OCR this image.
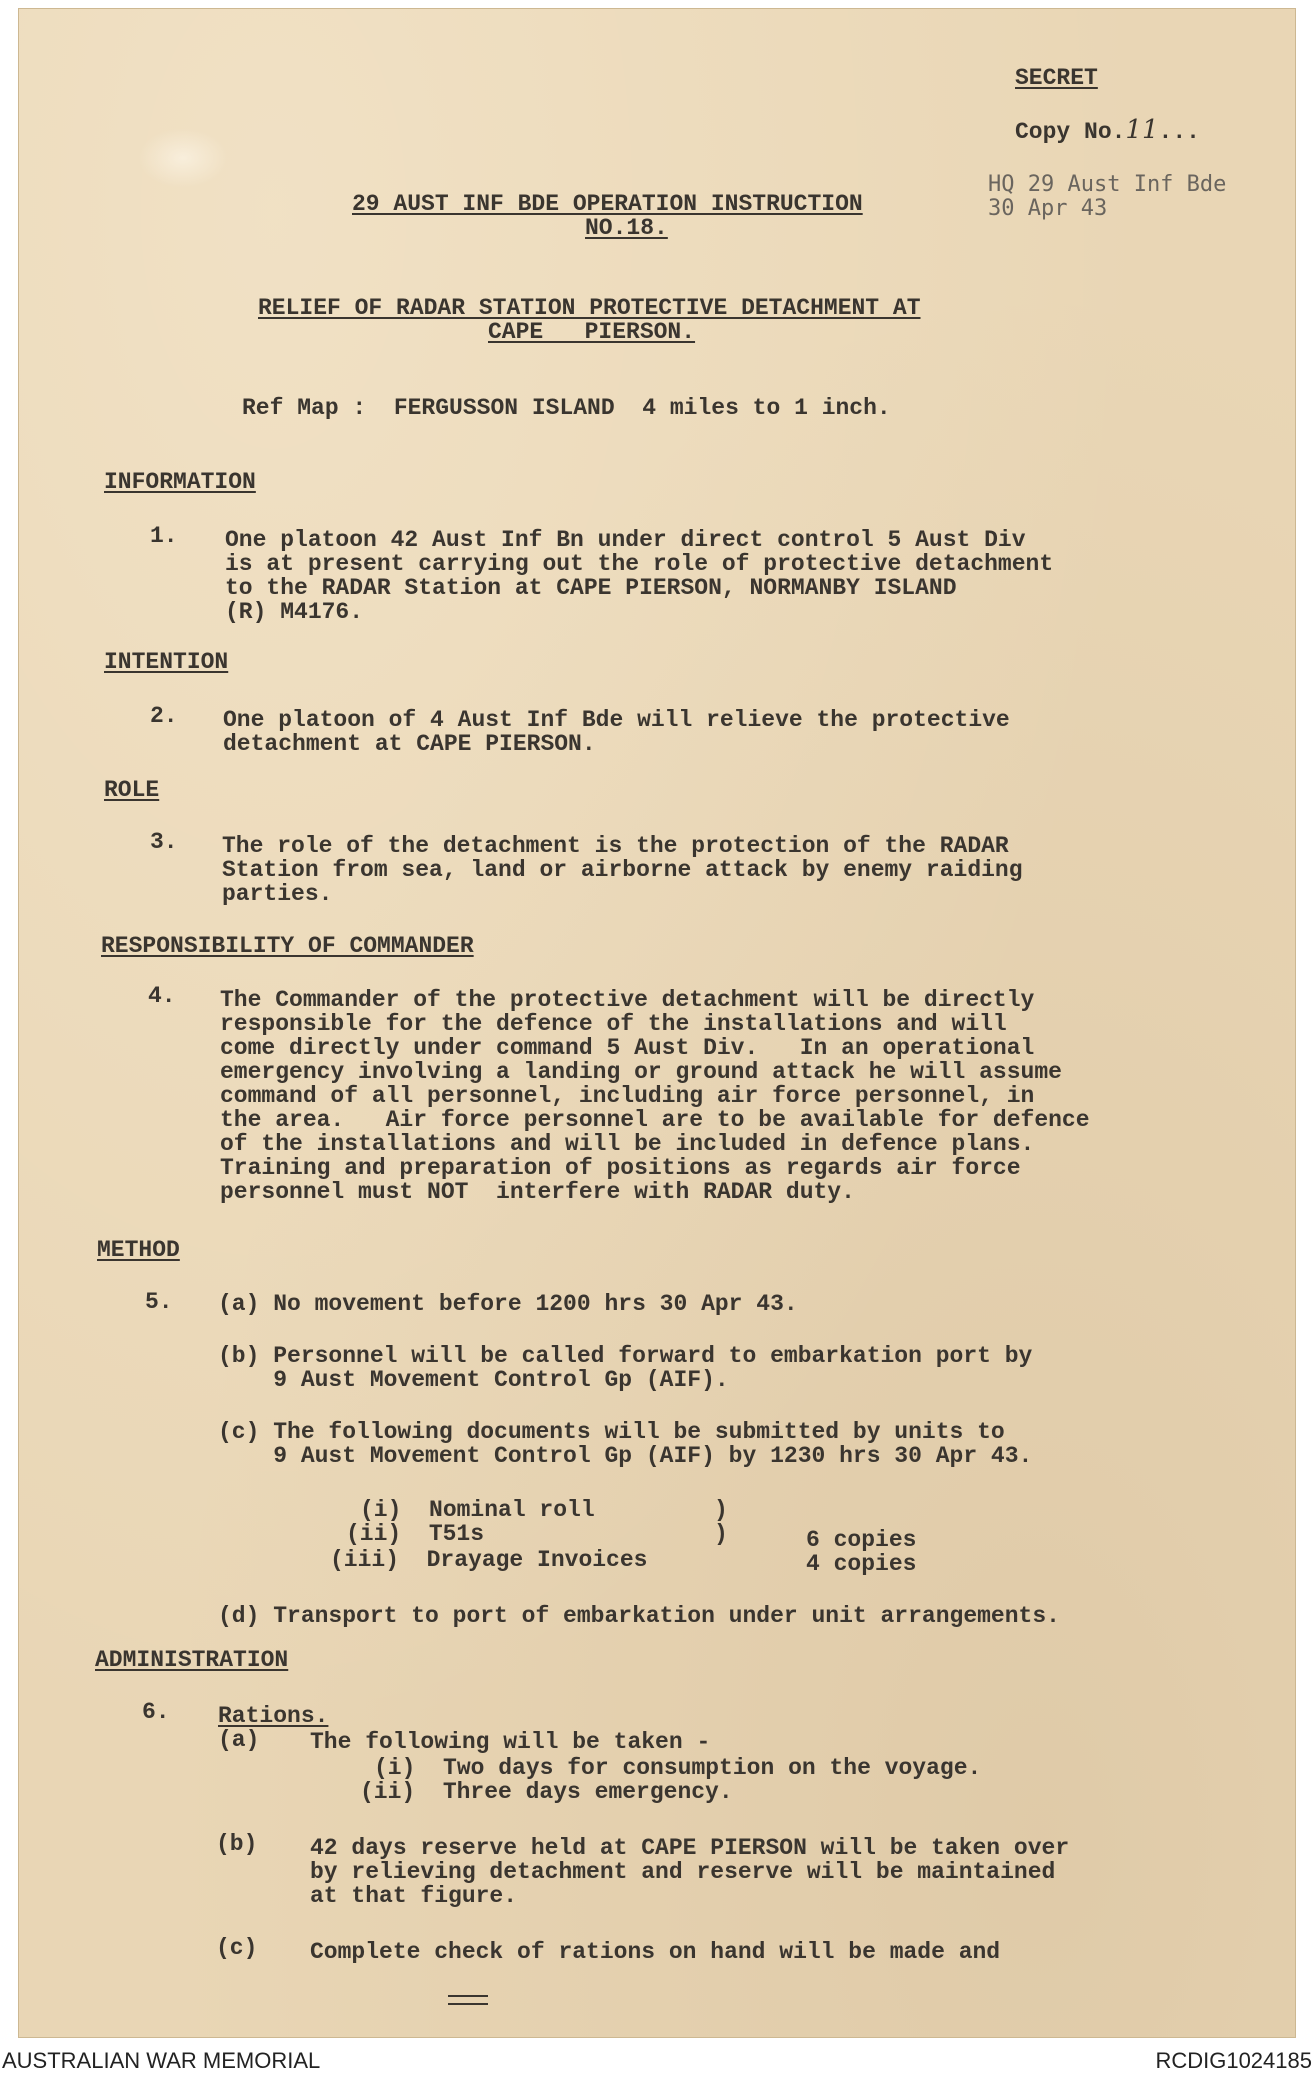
SECRET
Copy No.11...
HQ 29 Aust Inf Bde
30 Apr 43
29 AUST INF BDE OPERATION INSTRUCTION
NO.18.
RELIEF OF RADAR STATION PROTECTIVE DETACHMENT AT
CAPE   PIERSON.
Ref Map :  FERGUSSON ISLAND  4 miles to 1 inch.
INFORMATION
1. One platoon 42 Aust Inf Bn under direct control 5 Aust Div
is at present carrying out the role of protective detachment
to the RADAR Station at CAPE PIERSON, NORMANBY ISLAND
(R) M4176.
INTENTION
2. One platoon of 4 Aust Inf Bde will relieve the protective
detachment at CAPE PIERSON.
ROLE
3. The role of the detachment is the protection of the RADAR
Station from sea, land or airborne attack by enemy raiding
parties.
RESPONSIBILITY OF COMMANDER
4. The Commander of the protective detachment will be directly
responsible for the defence of the installations and will
come directly under command 5 Aust Div.   In an operational
emergency involving a landing or ground attack he will assume
command of all personnel, including air force personnel, in
the area.   Air force personnel are to be available for defence
of the installations and will be included in defence plans.
Training and preparation of positions as regards air force
personnel must NOT  interfere with RADAR duty.
METHOD
5. (a) No movement before 1200 hrs 30 Apr 43.
(b) Personnel will be called forward to embarkation port by
9 Aust Movement Control Gp (AIF).
(c) The following documents will be submitted by units to
9 Aust Movement Control Gp (AIF) by 1230 hrs 30 Apr 43.
(i)  Nominal roll
(ii)  T51s
(iii)  Drayage Invoices
)
)	6 copies
4 copies
(d) Transport to port of embarkation under unit arrangements.
ADMINISTRATION
6. Rations.
(a) The following will be taken -
(i)  Two days for consumption on the voyage.
(ii)  Three days emergency.
(b) 42 days reserve held at CAPE PIERSON will be taken over
by relieving detachment and reserve will be maintained
at that figure.
(c) Complete check of rations on hand will be made and
AUSTRALIAN WAR MEMORIAL	RCDIG1024185
